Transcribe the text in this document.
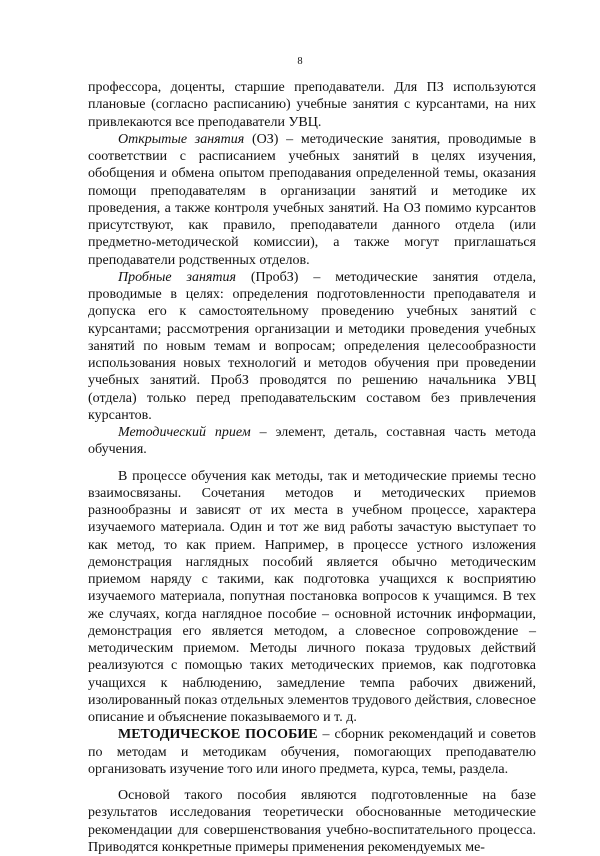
8

профессора, доценты, старшие преподаватели. Для ПЗ используются плановые (согласно расписанию) учебные занятия с курсантами, на них привлекаются все преподаватели УВЦ.

Открытые занятия (ОЗ) – методические занятия, проводимые в соответствии с расписанием учебных занятий в целях изучения, обобщения и обмена опытом преподавания определенной темы, оказания помощи преподавателям в организации занятий и методике их проведения, а также контроля учебных занятий. На ОЗ помимо курсантов присутствуют, как правило, преподаватели данного отдела (или предметно-методической комиссии), а также могут приглашаться преподаватели родственных отделов.

Пробные занятия (ПробЗ) – методические занятия отдела, проводимые в целях: определения подготовленности преподавателя и допуска его к самостоятельному проведению учебных занятий с курсантами; рассмотрения организации и методики проведения учебных занятий по новым темам и вопросам; определения целесообразности использования новых технологий и методов обучения при проведении учебных занятий. ПробЗ проводятся по решению начальника УВЦ (отдела) только перед преподавательским составом без привлечения курсантов.

Методический прием – элемент, деталь, составная часть метода обучения.

В процессе обучения как методы, так и методические приемы тесно взаимосвязаны. Сочетания методов и методических приемов разнообразны и зависят от их места в учебном процессе, характера изучаемого материала. Один и тот же вид работы зачастую выступает то как метод, то как прием. Например, в процессе устного изложения демонстрация наглядных пособий является обычно методическим приемом наряду с такими, как подготовка учащихся к восприятию изучаемого материала, попутная постановка вопросов к учащимся. В тех же случаях, когда наглядное пособие – основной источник информации, демонстрация его является методом, а словесное сопровождение – методическим приемом. Методы личного показа трудовых действий реализуются с помощью таких методических приемов, как подготовка учащихся к наблюдению, замедление темпа рабочих движений, изолированный показ отдельных элементов трудового действия, словесное описание и объяснение показываемого и т. д.

МЕТОДИЧЕСКОЕ ПОСОБИЕ – сборник рекомендаций и советов по методам и методикам обучения, помогающих преподавателю организовать изучение того или иного предмета, курса, темы, раздела.

Основой такого пособия являются подготовленные на базе результатов исследования теоретически обоснованные методические рекомендации для совершенствования учебно-воспитательного процесса. Приводятся конкретные примеры применения рекомендуемых ме-
